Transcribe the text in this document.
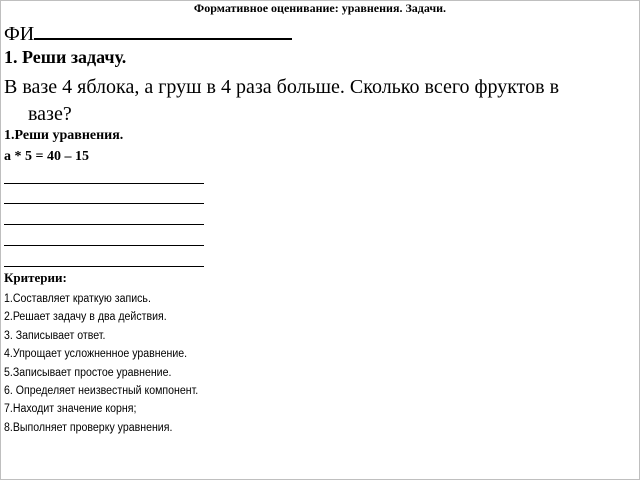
Формативное оценивание: уравнения. Задачи.
ФИ
1. Реши задачу.
В вазе 4 яблока, а груш в 4 раза больше. Сколько всего фруктов в
вазе?
1.Реши уравнения.
а * 5 = 40 – 15
Критерии:
1.Составляет краткую запись.
2.Решает задачу в два действия.
3. Записывает ответ.
4.Упрощает усложненное уравнение.
5.Записывает простое уравнение.
6. Определяет неизвестный компонент.
7.Находит значение корня;
8.Выполняет проверку уравнения.
